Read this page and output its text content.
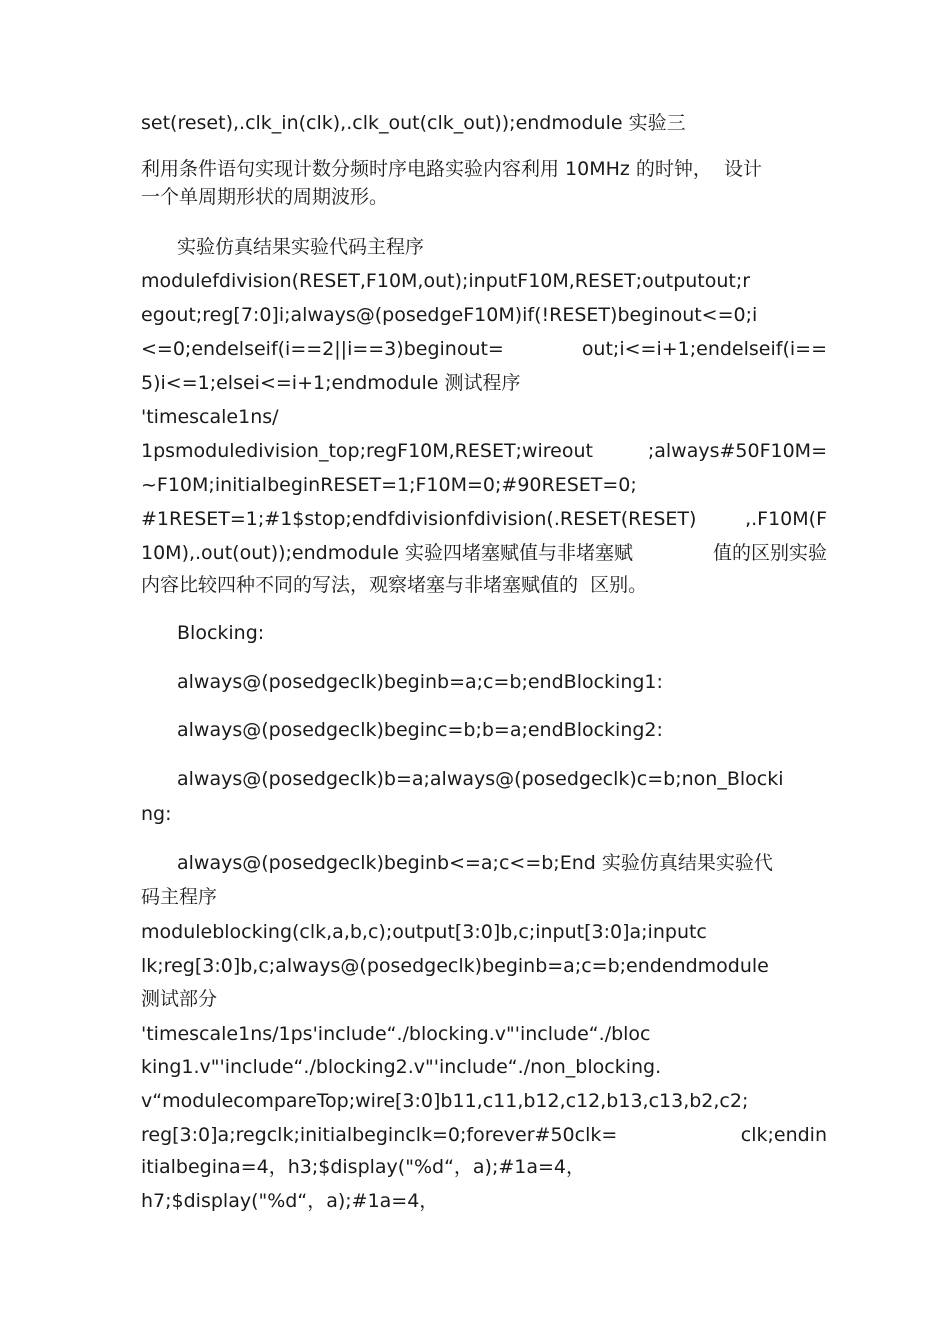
set(reset),.clk_in(clk),.clk_out(clk_out));endmodule 实验三
利用条件语句实现计数分频时序电路实验内容利用 10MHz 的时钟，  设计
一个单周期形状的周期波形。
实验仿真结果实验代码主程序
modulefdivision(RESET,F10M,out);inputF10M,RESET;outputout;r
egout;reg[7:0]i;always@(posedgeF10M)if(!RESET)beginout<=0;i
<=0;endelseif(i==2||i==3)beginout=	out;i<=i+1;endelseif(i==
5)i<=1;elsei<=i+1;endmodule 测试程序
'timescale1ns/
1psmoduledivision_top;regF10M,RESET;wireout	;always#50F10M=
~F10M;initialbeginRESET=1;F10M=0;#90RESET=0;
#1RESET=1;#1$stop;endfdivisionfdivision(.RESET(RESET)	,.F10M(F
10M),.out(out));endmodule 实验四堵塞赋值与非堵塞赋	值的区别实验
内容比较四种不同的写法，观察堵塞与非堵塞赋值的  区别。
Blocking:
always@(posedgeclk)beginb=a;c=b;endBlocking1:
always@(posedgeclk)beginc=b;b=a;endBlocking2:
always@(posedgeclk)b=a;always@(posedgeclk)c=b;non_Blocki
ng:
always@(posedgeclk)beginb<=a;c<=b;End 实验仿真结果实验代
码主程序
moduleblocking(clk,a,b,c);output[3:0]b,c;input[3:0]a;inputc
lk;reg[3:0]b,c;always@(posedgeclk)beginb=a;c=b;endendmodule
测试部分
'timescale1ns/1ps'include“./blocking.v"'include“./bloc
king1.v"'include“./blocking2.v"'include“./non_blocking.
v“modulecompareTop;wire[3:0]b11,c11,b12,c12,b13,c13,b2,c2;
reg[3:0]a;regclk;initialbeginclk=0;forever#50clk=	clk;endin
itialbegina=4，h3;$display("%d“，a);#1a=4，
h7;$display("%d“，a);#1a=4，
